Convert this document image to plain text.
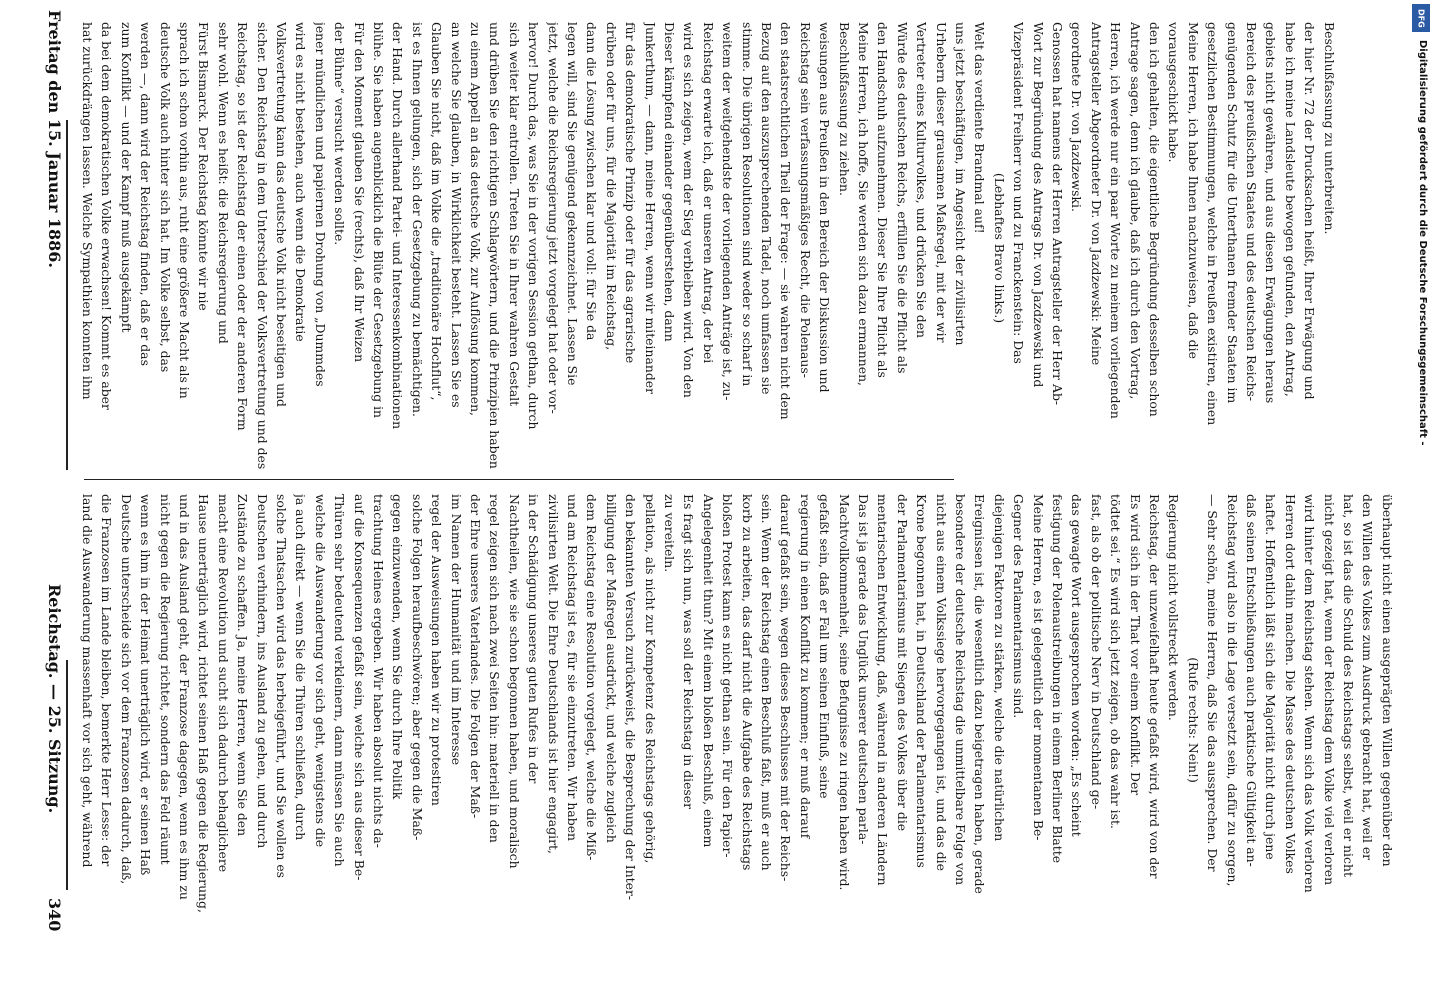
340
Reichstag. — 25. Sitzung.
Freitag den 15. Januar 1886.
land die Auswanderung massenhaft vor sich geht, während die Franzosen im Lande bleiben, bemerkte Herr Lesse: der Deutsche unterscheide sich vor dem Franzosen dadurch, daß, wenn es ihm in der Heimat unerträglich wird, er seinen Haß nicht gegen die Regierung richtet, sondern das Feld räumt und in das Ausland geht, der Franzose dagegen, wenn es ihm zu Hause unerträglich wird, richtet seinen Haß gegen die Regierung, macht eine Revolution und sucht sich dadurch behaglichere Zustände zu schaffen. Ja, meine Herren, wenn Sie den Deutschen verhindern, ins Ausland zu gehen, und durch solche Thatsachen wird das herbeigeführt, und Sie wollen es ja auch direkt — wenn Sie die Thüren schließen, durch welche die Auswanderung vor sich geht, wenigstens die Thüren sehr bedeutend verkleinern, dann müssen Sie auch auf die Konsequenzen gefaßt sein, welche sich aus dieser Be- trachtung Heines ergeben. Wir haben absolut nichts da- gegen einzuwenden, wenn Sie durch Ihre Politik solche Folgen heraufbeschwören; aber gegen die Maß- regel der Ausweisungen haben wir zu protestiren im Namen der Humanität und im Interesse der Ehre unseres Vaterlandes. Die Folgen der Maß- regel zeigen sich nach zwei Seiten hin: materiell in den Nachtheilen, wie sie schon begonnen haben, und moralisch in der Schädigung unseres guten Rufes in der zivilisirten Welt. Die Ehre Deutschlands ist hier engagirt, und am Reichstag ist es, für sie einzutreten. Wir haben dem Reichstag eine Resolution vorgelegt, welche die Miß- billigung der Maßregel ausdrückt, und welche zugleich den bekannten Versuch zurückweist, die Besprechung der Inter- pellation, als nicht zur Kompetenz des Reichstags gehörig, zu vereiteln. Es fragt sich nun, was soll der Reichstag in dieser Angelegenheit thun? Mit einem bloßen Beschluß, einem bloßen Protest kann es nicht gethan sein. Für den Papier- korb zu arbeiten, das darf nicht die Aufgabe des Reichstags sein. Wenn der Reichstag einen Beschluß faßt, muß er auch darauf gefaßt sein, wegen dieses Beschlusses mit der Reichs- regierung in einen Konflikt zu kommen; er muß darauf gefaßt sein, daß er Fall um seinen Einfluß, seine Machtvollkommenheit, seine Befugnisse zu ringen haben wird. Das ist ja gerade das Unglück unserer deutschen parla- mentarischen Entwicklung, daß, während in anderen Ländern der Parlamentarismus mit Siegen des Volkes über die Krone begonnen hat, in Deutschland der Parlamentarismus nicht aus einem Volkssiege hervorgegangen ist, und das die besondere der deutsche Reichstag die unmittelbare Folge von Ereignissen ist, die wesentlich dazu beigetragen haben, gerade diejenigen Faktoren zu stärken, welche die natürlichen Gegner des Parlamentarismus sind. Meine Herren, es ist gelegentlich der momentanen Be- festigung der Polenaustreibungen in einem Berliner Blatte das gewagte Wort ausgesprochen worden: „Es scheint fast, als ob der politische Nerv in Deutschland ge- tödtet sei.“ Es wird sich jetzt zeigen, ob das wahr ist. Es wird sich in der That vor einem Konflikt. Der Reichstag, der unzweifelhaft heute gefaßt wird, wird von der Regierung nicht vollstreckt werden. (Rufe rechts: Nein!) — Sehr schön, meine Herren, daß Sie das aussprechen. Der Reichstag wird also in die Lage versetzt sein, dafür zu sorgen, daß seinen Entschließungen auch praktische Gültigkeit an- haftet. Hoffentlich läßt sich die Majorität nicht durch jene Herren dort dahin machen. Die Masse des deutschen Volkes wird hinter dem Reichstag stehen. Wenn sich das Volk verloren nicht gezeigt hat, wenn der Reichstag dem Volke viel verloren hat, so ist das die Schuld des Reichstags selbst, weil er nicht den Willen des Volkes zum Ausdruck gebracht hat, weil er überhaupt nicht einen ausgeprägten Willen gegenüber den
hat zurückdrängen lassen. Welche Sympathien konnten ihm da bei dem demokratischen Volke erwachsen! Kommt es aber zum Konflikt — und der Kampf muß ausgekämpft werden —, dann wird der Reichstag finden, daß er das deutsche Volk auch hinter sich hat. Im Volke selbst, das sprach ich schon vorhin aus, ruht eine größere Macht als in Fürst Bismarck. Der Reichstag könnte wir nie sehr wohl. Wenn es heißt: die Reichsregierung und Reichstag, so ist der Reichstag der einen oder der anderen Form sicher. Den Reichstag in dem Unterschied der Volksvertretung und des Volksvertretung kann das deutsche Volk nicht beseitigen und wird es nicht bestehen, auch wenn die Demokratie jener mündlichen und papiernen Drohung von „Dummdes der Bühne“ versucht werden sollte. Für den Moment glauben Sie (rechts), daß Ihr Weizen blühe. Sie haben augenblicklich die Blüte der Gesetzgebung in der Hand. Durch allerhand Partei- und Interessenkombinationen ist es Ihnen gelungen, sich der Gesetzgebung zu bemächtigen. Glauben Sie nicht, daß im Volke die „traditionäre Hochflut“, an welche Sie glauben, in Wirklichkeit besteht. Lassen Sie es zu einem Appell an das deutsche Volk, zur Auflösung kommen, und drüben Sie den richtigen Schlagwörtern, und die Prinzipien haben sich weiter klar entrollen. Treten Sie in Ihrer wahren Gestalt hervor! Durch das, was Sie in der vorigen Session gethan, durch jetzt, welche die Reichsregierung jetzt vorgelegt hat oder vor- legen will, sind Sie genügend gekennzeichnet. Lassen Sie dann die Lösung zwischen klar und voll: für Sie da drüben oder für uns, für die Majorität im Reichstag, für das demokratische Prinzip oder für das agrarische Junkerthum, — dann, meine Herren, wenn wir miteinander Dieser kämpfend einander gegenüberstehen, dann wird es sich zeigen, wem der Sieg verbleiben wird. Von den Reichstag erwarte ich, daß er unseren Antrag, der bei weitem der weitgehendste der vorliegenden Anträge ist, zu- stimme. Die übrigen Resolutionen sind weder so scharf in Bezug auf den auszusprechenden Tadel, noch umfassen sie den staatsrechtlichen Theil der Frage: — sie wahren nicht dem Reichstag sein verfassungsmäßiges Recht, die Polenaus- weisungen aus Preußen in den Bereich der Diskussion und Beschlußfassung zu ziehen. Meine Herren, ich hoffe, Sie werden sich dazu ermannen, den Handschuh aufzunehmen. Dieser Sie Ihre Pflicht als Würde des deutschen Reichs, erfüllen Sie die Pflicht als Vertreter eines Kulturvolkes, und drücken Sie den Urhebern dieser grausamen Maßregel, mit der wir uns jetzt beschäftigen, im Angesicht der zivilisirten Welt das verdiente Brandmal auf!
(Lebhaftes Bravo links.) Vizepräsident Freiherr von und zu Franckenstein: Das Wort zur Begründung des Antrags Dr. von Jazdzewski und Genossen hat namens der Herren Antragsteller der Herr Ab- geordnete Dr. von Jazdzewski. Antragsteller Abgeordneter Dr. von Jazdzewski: Meine Herren, ich werde nur ein paar Worte zu meinem vorliegenden Antrage sagen, denn ich glaube, daß ich durch den Vortrag, den ich gehalten, die eigentliche Begründung desselben schon vorausgeschickt habe. Meine Herren, ich habe Ihnen nachzuweisen, daß die gesetzlichen Bestimmungen, welche in Preußen existiren, einen genügenden Schutz für die Unterthanen fremder Staaten im Bereich des preußischen Staates und des deutschen Reichs- gebiets nicht gewähren, und aus diesen Erwägungen heraus habe ich meine Landsleute bewogen gefunden, den Antrag, der hier Nr. 72 der Drucksachen heißt, Ihrer Erwägung und Beschlußfassung zu unterbreiten.	Digitalisierung gefördert durch die Deutsche Forschungsgemeinschaft -
DFG
